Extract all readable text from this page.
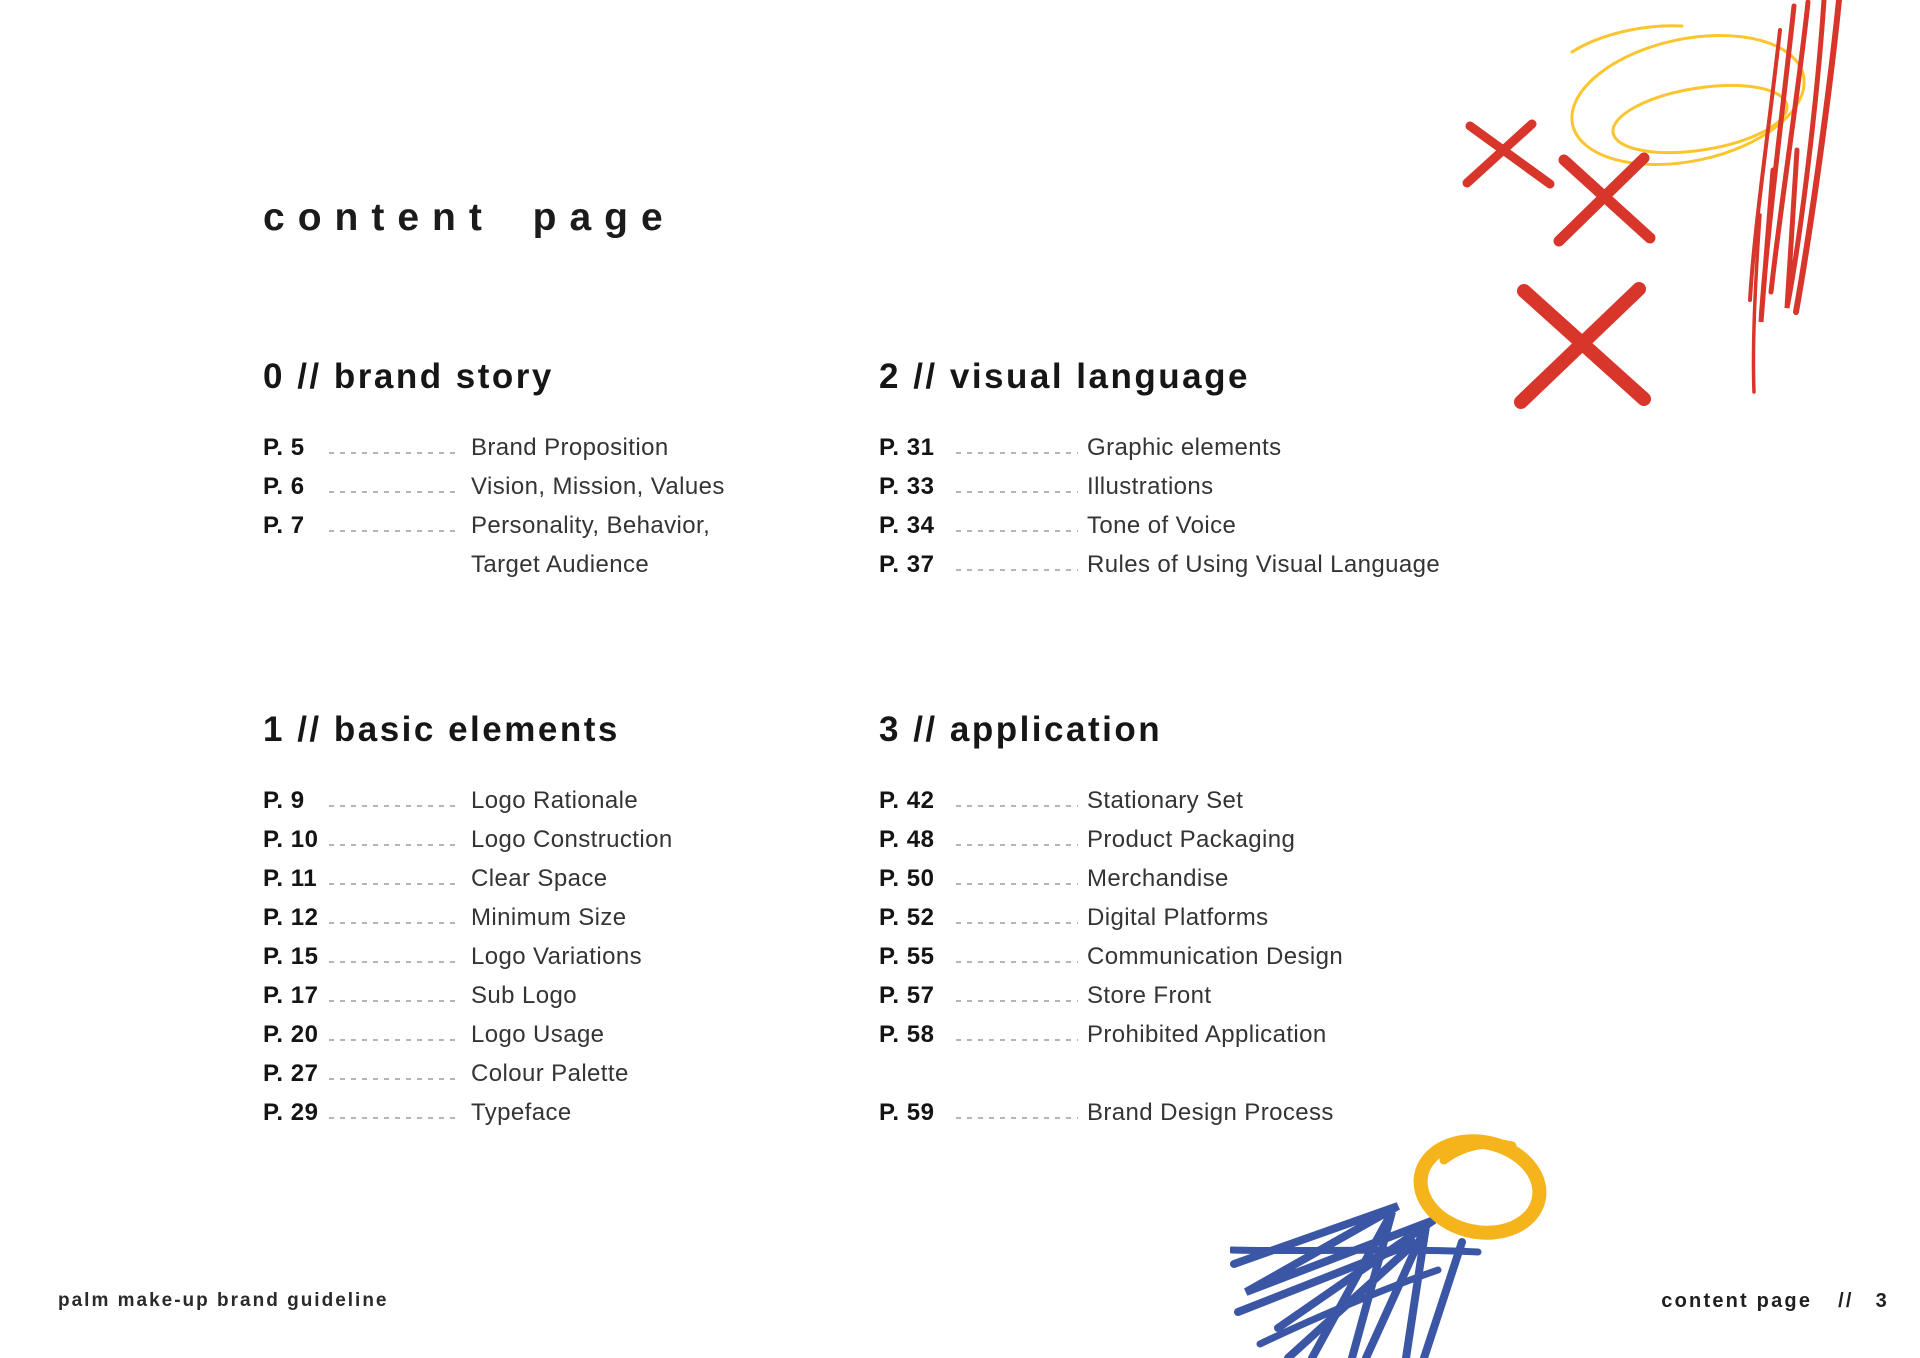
content page
0 // brand story
P. 5	Brand Proposition
P. 6	Vision, Mission, Values
P. 7	Personality, Behavior,
Target Audience
2 // visual language
P. 31	Graphic elements
P. 33	Illustrations
P. 34	Tone of Voice
P. 37	Rules of Using Visual Language
1 // basic elements
P. 9	Logo Rationale
P. 10	Logo Construction
P. 11	Clear Space
P. 12	Minimum Size
P. 15	Logo Variations
P. 17	Sub Logo
P. 20	Logo Usage
P. 27	Colour Palette
P. 29	Typeface
3 // application
P. 42	Stationary Set
P. 48	Product Packaging
P. 50	Merchandise
P. 52	Digital Platforms
P. 55	Communication Design
P. 57	Store Front
P. 58	Prohibited Application
P. 59	Brand Design Process
palm make-up brand guideline	content page // 3
